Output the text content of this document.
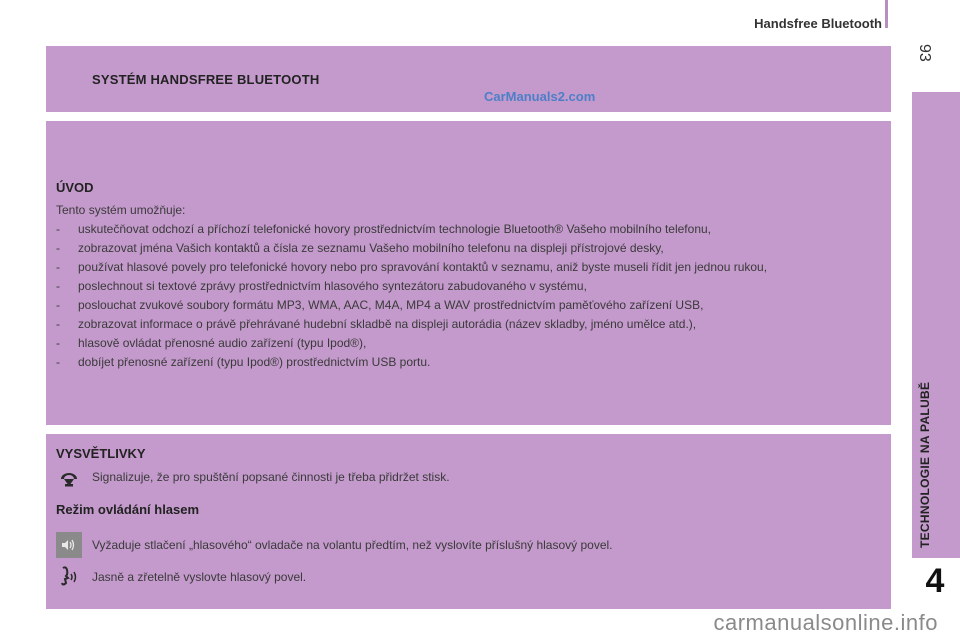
Handsfree Bluetooth
93
TECHNOLOGIE NA PALUBĚ
4
SYSTÉM HANDSFREE BLUETOOTH
CarManuals2.com
ÚVOD
Tento systém umožňuje:
- uskutečňovat odchozí a příchozí telefonické hovory prostřednictvím technologie Bluetooth® Vašeho mobilního telefonu,
- zobrazovat jména Vašich kontaktů a čísla ze seznamu Vašeho mobilního telefonu na displeji přístrojové desky,
- používat hlasové povely pro telefonické hovory nebo pro spravování kontaktů v seznamu, aniž byste museli řídit jen jednou rukou,
- poslechnout si textové zprávy prostřednictvím hlasového syntezátoru zabudovaného v systému,
- poslouchat zvukové soubory formátu MP3, WMA, AAC, M4A, MP4 a WAV prostřednictvím paměťového zařízení USB,
- zobrazovat informace o právě přehrávané hudební skladbě na displeji autorádia (název skladby, jméno umělce atd.),
- hlasově ovládat přenosné audio zařízení (typu Ipod®),
- dobíjet přenosné zařízení (typu Ipod®) prostřednictvím USB portu.
VYSVĚTLIVKY
Signalizuje, že pro spuštění popsané činnosti je třeba přidržet stisk.
Režim ovládání hlasem
Vyžaduje stlačení „hlasového“ ovladače na volantu předtím, než vyslovíte příslušný hlasový povel.
Jasně a zřetelně vyslovte hlasový povel.
carmanualsonline.info
